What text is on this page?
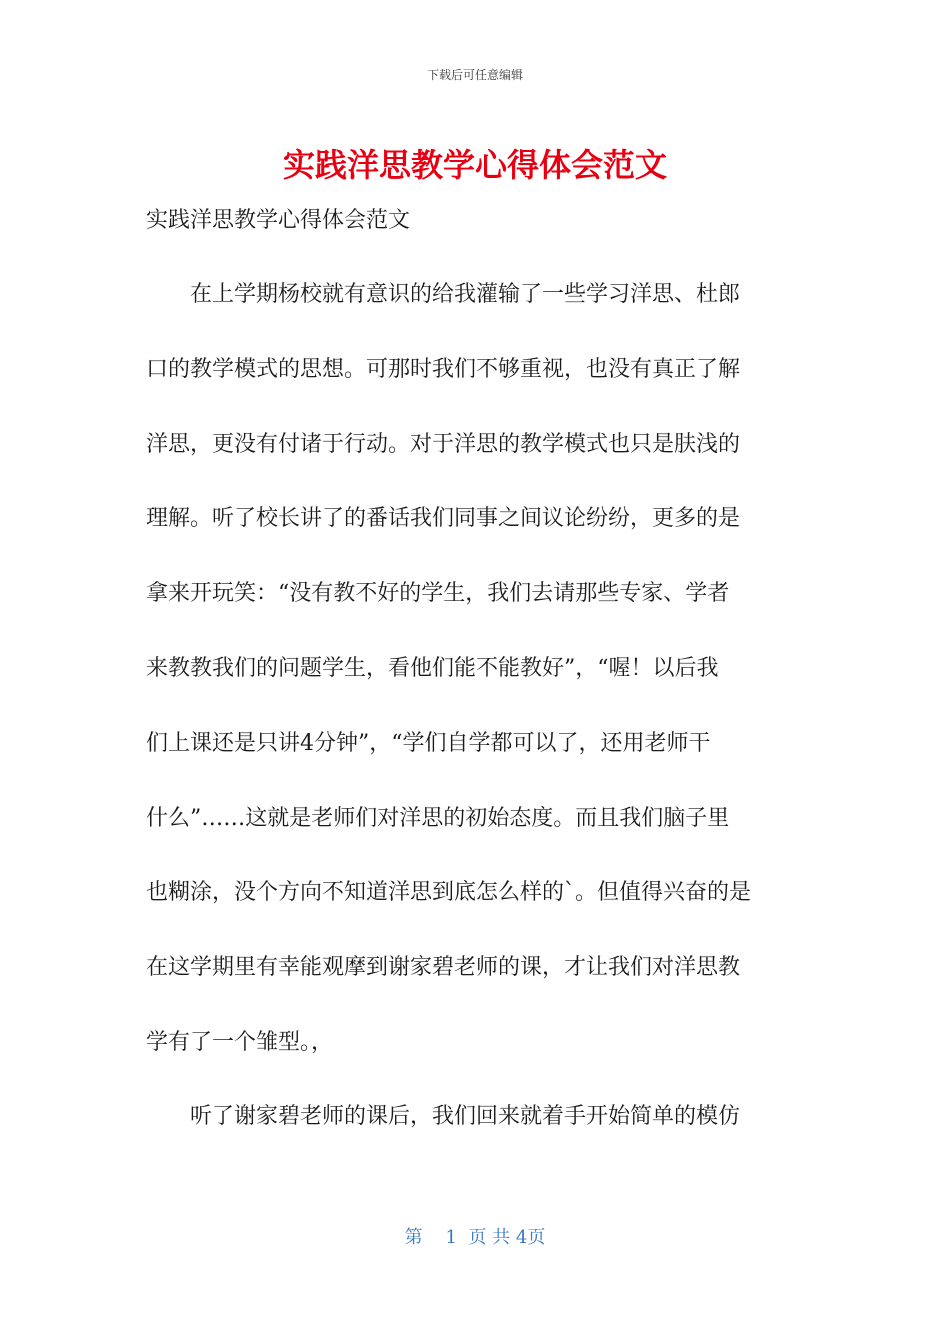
下载后可任意编辑
实践洋思教学心得体会范文
实践洋思教学心得体会范文
　　在上学期杨校就有意识的给我灌输了一些学习洋思、杜郎
口的教学模式的思想。可那时我们不够重视，也没有真正了解
洋思，更没有付诸于行动。对于洋思的教学模式也只是肤浅的
理解。听了校长讲了的番话我们同事之间议论纷纷，更多的是
拿来开玩笑：“没有教不好的学生，我们去请那些专家、学者
来教教我们的问题学生，看他们能不能教好”，“喔！以后我
们上课还是只讲4分钟”，“学们自学都可以了，还用老师干
什么”……这就是老师们对洋思的初始态度。而且我们脑子里
也糊涂，没个方向不知道洋思到底怎么样的`。但值得兴奋的是
在这学期里有幸能观摩到谢家碧老师的课，才让我们对洋思教
学有了一个雏型。，
　　听了谢家碧老师的课后，我们回来就着手开始简单的模仿
第 1 页 共 4页
